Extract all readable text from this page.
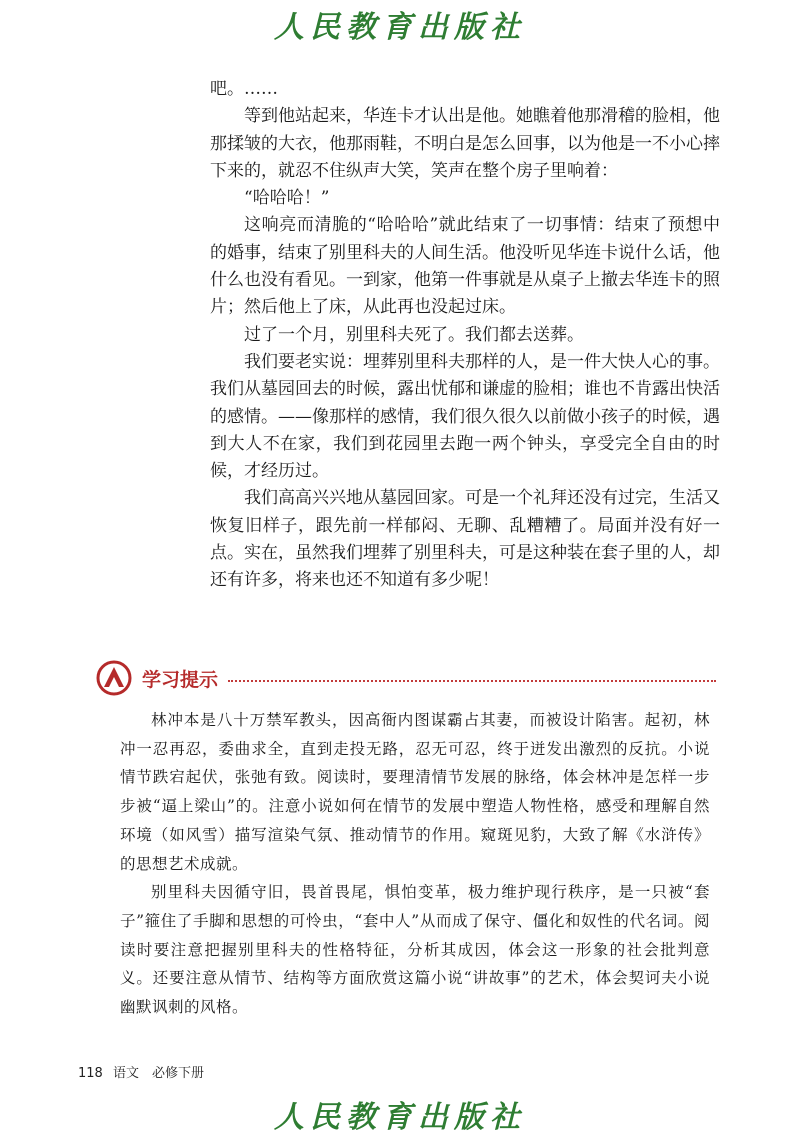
人民教育出版社

吧。……

等到他站起来，华连卡才认出是他。她瞧着他那滑稽的脸相，他那揉皱的大衣，他那雨鞋，不明白是怎么回事，以为他是一不小心摔下来的，就忍不住纵声大笑，笑声在整个房子里响着：

“哈哈哈！”

这响亮而清脆的“哈哈哈”就此结束了一切事情：结束了预想中的婚事，结束了别里科夫的人间生活。他没听见华连卡说什么话，他什么也没有看见。一到家，他第一件事就是从桌子上撤去华连卡的照片；然后他上了床，从此再也没起过床。

过了一个月，别里科夫死了。我们都去送葬。

我们要老实说：埋葬别里科夫那样的人，是一件大快人心的事。我们从墓园回去的时候，露出忧郁和谦虚的脸相；谁也不肯露出快活的感情。——像那样的感情，我们很久很久以前做小孩子的时候，遇到大人不在家，我们到花园里去跑一两个钟头，享受完全自由的时候，才经历过。

我们高高兴兴地从墓园回家。可是一个礼拜还没有过完，生活又恢复旧样子，跟先前一样郁闷、无聊、乱糟糟了。局面并没有好一点。实在，虽然我们埋葬了别里科夫，可是这种装在套子里的人，却还有许多，将来也还不知道有多少呢！

学习提示

林冲本是八十万禁军教头，因高衙内图谋霸占其妻，而被设计陷害。起初，林冲一忍再忍，委曲求全，直到走投无路，忍无可忍，终于迸发出激烈的反抗。小说情节跌宕起伏，张弛有致。阅读时，要理清情节发展的脉络，体会林冲是怎样一步步被“逼上梁山”的。注意小说如何在情节的发展中塑造人物性格，感受和理解自然环境（如风雪）描写渲染气氛、推动情节的作用。窥斑见豹，大致了解《水浒传》的思想艺术成就。

别里科夫因循守旧，畏首畏尾，惧怕变革，极力维护现行秩序，是一只被“套子”箍住了手脚和思想的可怜虫，“套中人”从而成了保守、僵化和奴性的代名词。阅读时要注意把握别里科夫的性格特征，分析其成因，体会这一形象的社会批判意义。还要注意从情节、结构等方面欣赏这篇小说“讲故事”的艺术，体会契诃夫小说幽默讽刺的风格。

118 语文　必修下册
人民教育出版社
